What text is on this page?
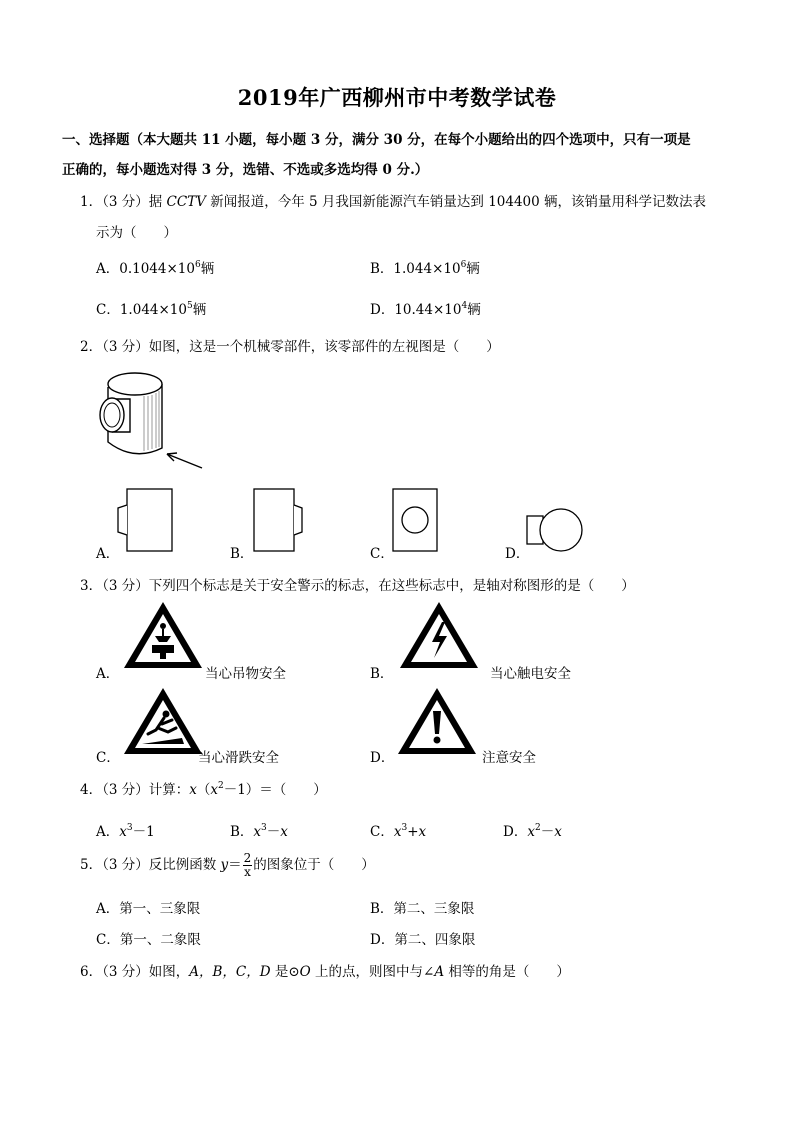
2019年广西柳州市中考数学试卷
一、选择题（本大题共 11 小题，每小题 3 分，满分 30 分，在每个小题给出的四个选项中，只有一项是
正确的，每小题选对得 3 分，选错、不选或多选均得 0 分.）
1．（3 分）据 CCTV 新闻报道，今年 5 月我国新能源汽车销量达到 104400 辆，该销量用科学记数法表
示为（　　）
A．$0.1044\times 10^6$辆	B．$1.044\times 10^6$辆
C．$1.044\times 10^5$辆	D．$10.44\times 10^4$辆
2．（3 分）如图，这是一个机械零部件，该零部件的左视图是（　　）
A．	B．	C．	D．
3．（3 分）下列四个标志是关于安全警示的标志，在这些标志中，是轴对称图形的是（　　）
A．	当心吊物安全	B．	当心触电安全
C．	当心滑跌安全	D．	注意安全
4．（3 分）计算：$x(x^2-1)=$（　　）
A．$x^3-1$	B．$x^3-x$	C．$x^3+x$	D．$x^2-x$
5．（3 分）反比例函数 $y= \frac{2}{x}$ 的图象位于（　　）
A．第一、三象限	B．第二、三象限
C．第一、二象限	D．第二、四象限
6．（3 分）如图，A，B，C，D 是⊙O 上的点，则图中与∠A 相等的角是（　　）
